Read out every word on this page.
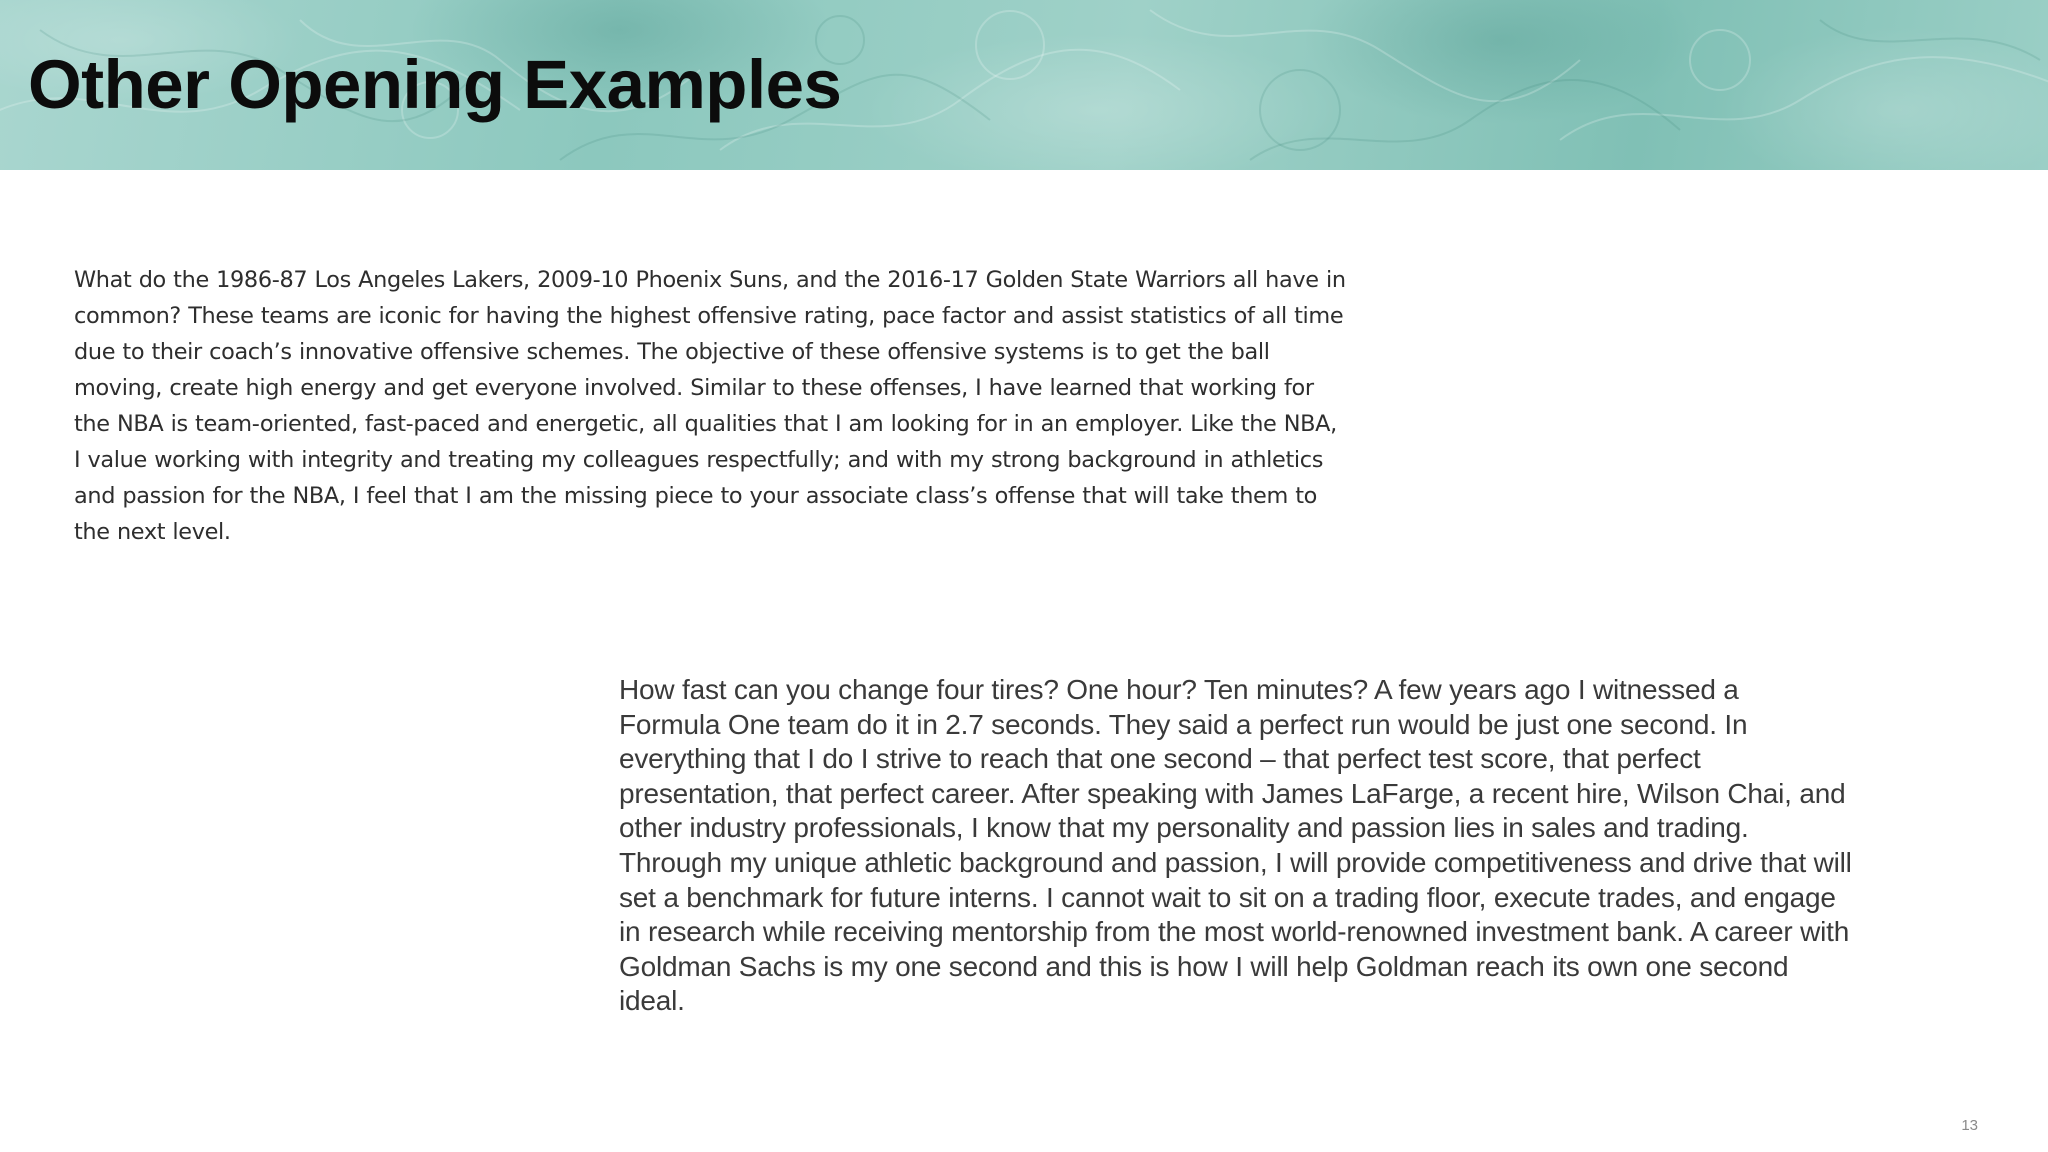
Other Opening Examples

What do the 1986-87 Los Angeles Lakers, 2009-10 Phoenix Suns, and the 2016-17 Golden State Warriors all have in
common? These teams are iconic for having the highest offensive rating, pace factor and assist statistics of all time
due to their coach’s innovative offensive schemes. The objective of these offensive systems is to get the ball
moving, create high energy and get everyone involved. Similar to these offenses, I have learned that working for
the NBA is team-oriented, fast-paced and energetic, all qualities that I am looking for in an employer. Like the NBA,
I value working with integrity and treating my colleagues respectfully; and with my strong background in athletics
and passion for the NBA, I feel that I am the missing piece to your associate class’s offense that will take them to
the next level.

How fast can you change four tires? One hour? Ten minutes? A few years ago I witnessed a
Formula One team do it in 2.7 seconds. They said a perfect run would be just one second. In
everything that I do I strive to reach that one second – that perfect test score, that perfect
presentation, that perfect career. After speaking with James LaFarge, a recent hire, Wilson Chai, and
other industry professionals, I know that my personality and passion lies in sales and trading.
Through my unique athletic background and passion, I will provide competitiveness and drive that will
set a benchmark for future interns. I cannot wait to sit on a trading floor, execute trades, and engage
in research while receiving mentorship from the most world-renowned investment bank. A career with
Goldman Sachs is my one second and this is how I will help Goldman reach its own one second
ideal.

13
